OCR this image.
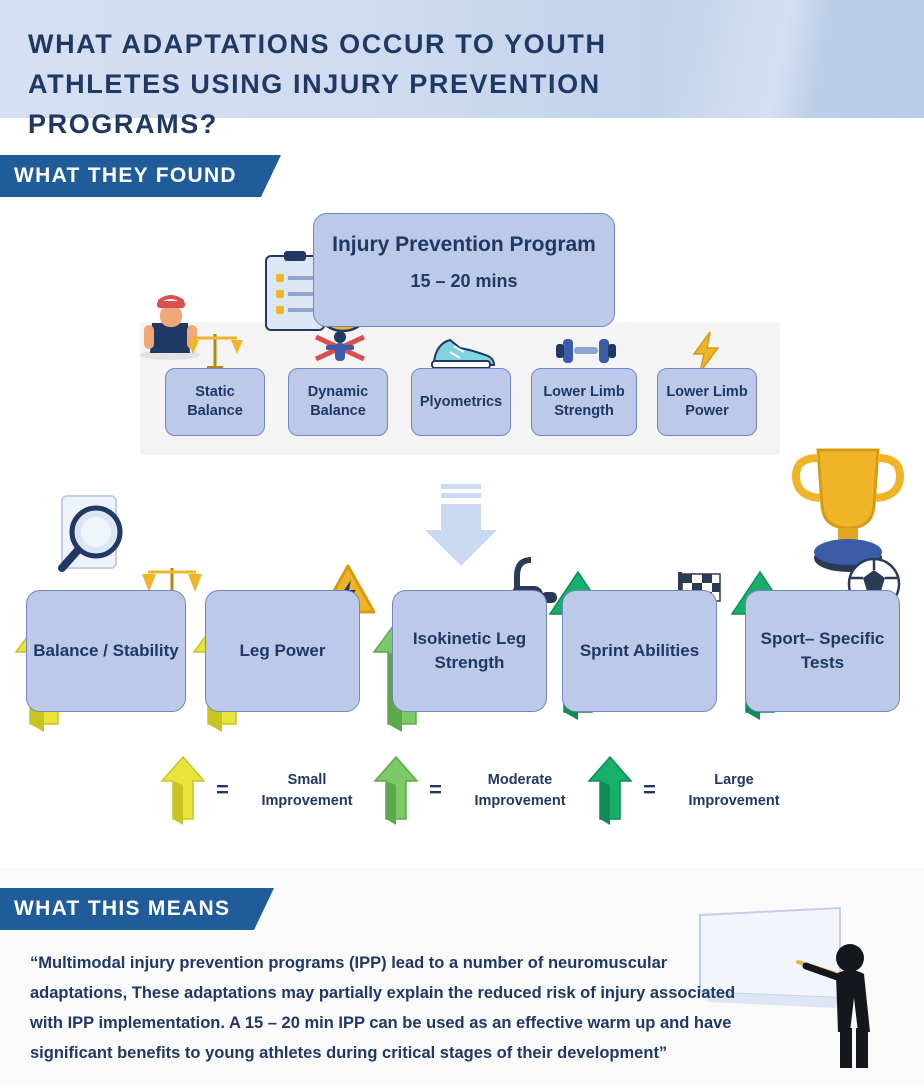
WHAT ADAPTATIONS OCCUR TO YOUTH ATHLETES USING INJURY PREVENTION PROGRAMS?
WHAT THEY FOUND
Injury Prevention Program
15 – 20 mins
Static Balance
Dynamic Balance
Plyometrics
Lower Limb Strength
Lower Limb Power
Balance / Stability	Leg Power
Isokinetic Leg Strength
Sprint Abilities
Sport– Specific Tests
=	Small Improvement	=	Moderate Improvement	=	Large Improvement
WHAT THIS MEANS
“Multimodal injury prevention programs (IPP) lead to a number of neuromuscular adaptations, These adaptations may partially explain the reduced risk of injury associated with IPP implementation. A 15 – 20 min IPP can be used as an effective warm up and have significant benefits to young athletes during critical stages of their development”
